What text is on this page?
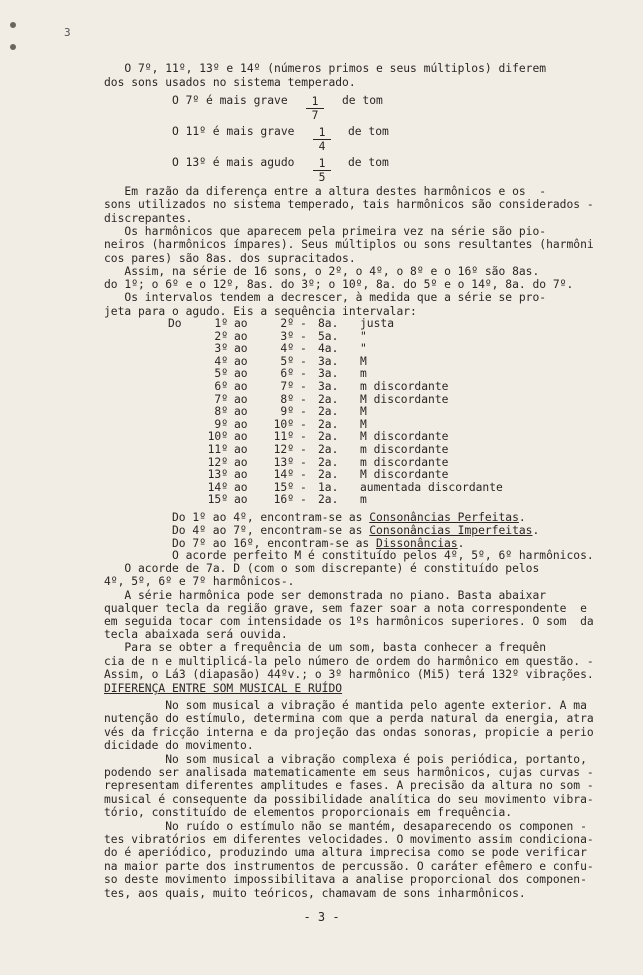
3
O 7º, 11º, 13º e 14º (números primos e seus múltiplos) diferem
dos sons usados no sistema temperado.
O 7º é mais grave	$\frac{1}{7}$ de tom
O 11º é mais grave	$\frac{1}{4}$ de tom
O 13º é mais agudo	$\frac{1}{5}$ de tom
Em razão da diferença entre a altura destes harmônicos e os  -
sons utilizados no sistema temperado, tais harmônicos são considerados -
discrepantes.
Os harmônicos que aparecem pela primeira vez na série são pio-
neiros (harmônicos ímpares). Seus múltiplos ou sons resultantes (harmôni
cos pares) são 8as. dos supracitados.
Assim, na série de 16 sons, o 2º, o 4º, o 8º e o 16º são 8as.
do 1º; o 6º e o 12º, 8as. do 3º; o 10º, 8a. do 5º e o 14º, 8a. do 7º.
Os intervalos tendem a decrescer, à medida que a série se pro-
jeta para o agudo. Eis a sequência intervalar:
Do	1º	ao	2º	-	8a.	justa
	2º	ao	3º	-	5a.	"
	3º	ao	4º	-	4a.	"
	4º	ao	5º	-	3a.	M
	5º	ao	6º	-	3a.	m
	6º	ao	7º	-	3a.	m discordante
	7º	ao	8º	-	2a.	M discordante
	8º	ao	9º	-	2a.	M
	9º	ao	10º	-	2a.	M
	10º	ao	11º	-	2a.	M discordante
	11º	ao	12º	-	2a.	m discordante
	12º	ao	13º	-	2a.	m discordante
	13º	ao	14º	-	2a.	M discordante
	14º	ao	15º	-	1a.	aumentada discordante
	15º	ao	16º	-	2a.	m
Do 1º ao 4º, encontram-se as Consonâncias Perfeitas.
Do 4º ao 7º, encontram-se as Consonâncias Imperfeitas.
Do 7º ao 16º, encontram-se as Dissonâncias.
O acorde perfeito M é constituído pelos 4º, 5º, 6º harmônicos.
O acorde de 7a. D (com o som discrepante) é constituído pelos
4º, 5º, 6º e 7º harmônicos-.
A série harmônica pode ser demonstrada no piano. Basta abaixar
qualquer tecla da região grave, sem fazer soar a nota correspondente  e
em seguida tocar com intensidade os 1ºs harmônicos superiores. O som  da
tecla abaixada será ouvida.
Para se obter a frequência de um som, basta conhecer a frequên
cia de n e multiplicá-la pelo número de ordem do harmônico em questão. -
Assim, o Lá3 (diapasão) 44ºv.; o 3º harmônico (Mi5) terá 132º vibrações.
DIFERENÇA ENTRE SOM MUSICAL E RUÍDO
No som musical a vibração é mantida pelo agente exterior. A ma
nutenção do estímulo, determina com que a perda natural da energia, atra
vés da fricção interna e da projeção das ondas sonoras, propicie a perio
dicidade do movimento.
No som musical a vibração complexa é pois periódica, portanto,
podendo ser analisada matematicamente em seus harmônicos, cujas curvas -
representam diferentes amplitudes e fases. A precisão da altura no som -
musical é consequente da possibilidade analítica do seu movimento vibra-
tório, constituído de elementos proporcionais em frequência.
No ruído o estímulo não se mantém, desaparecendo os componen -
tes vibratórios em diferentes velocidades. O movimento assim condiciona-
do é aperiódico, produzindo uma altura imprecisa como se pode verificar
na maior parte dos instrumentos de percussão. O caráter efêmero e confu-
so deste movimento impossibilitava a analise proporcional dos componen-
tes, aos quais, muito teóricos, chamavam de sons inharmônicos.
- 3 -
